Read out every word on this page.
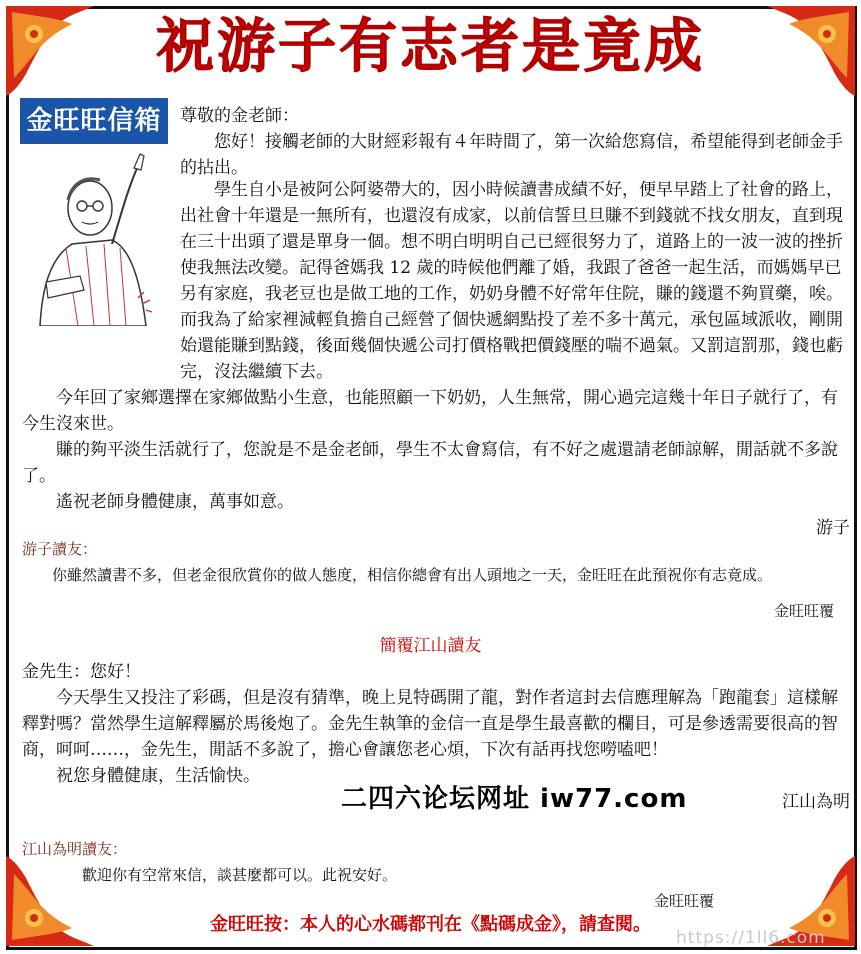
祝游子有志者是竟成
金旺旺信箱	尊敬的金老師：

您好！接觸老師的大財經彩報有４年時間了，第一次給您寫信，希望能得到老師金手的拈出。

學生自小是被阿公阿婆帶大的，因小時候讀書成績不好，便早早踏上了社會的路上，出社會十年還是一無所有，也還沒有成家，以前信誓旦旦賺不到錢就不找女朋友，直到現在三十出頭了還是單身一個。想不明白明明自己已經很努力了，道路上的一波一波的挫折使我無法改變。記得爸媽我 12 歲的時候他們離了婚，我跟了爸爸一起生活，而媽媽早已另有家庭，我老豆也是做工地的工作，奶奶身體不好常年住院，賺的錢還不夠買藥，唉。而我為了給家裡減輕負擔自己經營了個快遞網點投了差不多十萬元，承包區域派收，剛開始還能賺到點錢，後面幾個快遞公司打價格戰把價錢壓的喘不過氣。又罰這罰那，錢也虧完，沒法繼續下去。

今年回了家鄉選擇在家鄉做點小生意，也能照顧一下奶奶，人生無常，開心過完這幾十年日子就行了，有今生沒來世。

賺的夠平淡生活就行了，您說是不是金老師，學生不太會寫信，有不好之處還請老師諒解，閒話就不多說了。

遙祝老師身體健康，萬事如意。

游子

游子讀友：

你雖然讀書不多，但老金很欣賞你的做人態度，相信你總會有出人頭地之一天，金旺旺在此預祝你有志竟成。

金旺旺覆

簡覆江山讀友

金先生：您好！

今天學生又投注了彩碼，但是沒有猜準，晚上見特碼開了龍，對作者這封去信應理解為「跑龍套」這樣解釋對嗎？當然學生這解釋屬於馬後炮了。金先生執筆的金信一直是學生最喜歡的欄目，可是參透需要很高的智商，呵呵……，金先生，閒話不多說了，擔心會讓您老心煩，下次有話再找您嘮嗑吧！

祝您身體健康，生活愉快。

江山為明

二四六论坛网址 iw77.com

江山為明讀友：

歡迎你有空常來信，談甚麼都可以。此祝安好。

金旺旺覆

金旺旺按：本人的心水碼都刊在《點碼成金》，請查閱。
https://1ll6.com
